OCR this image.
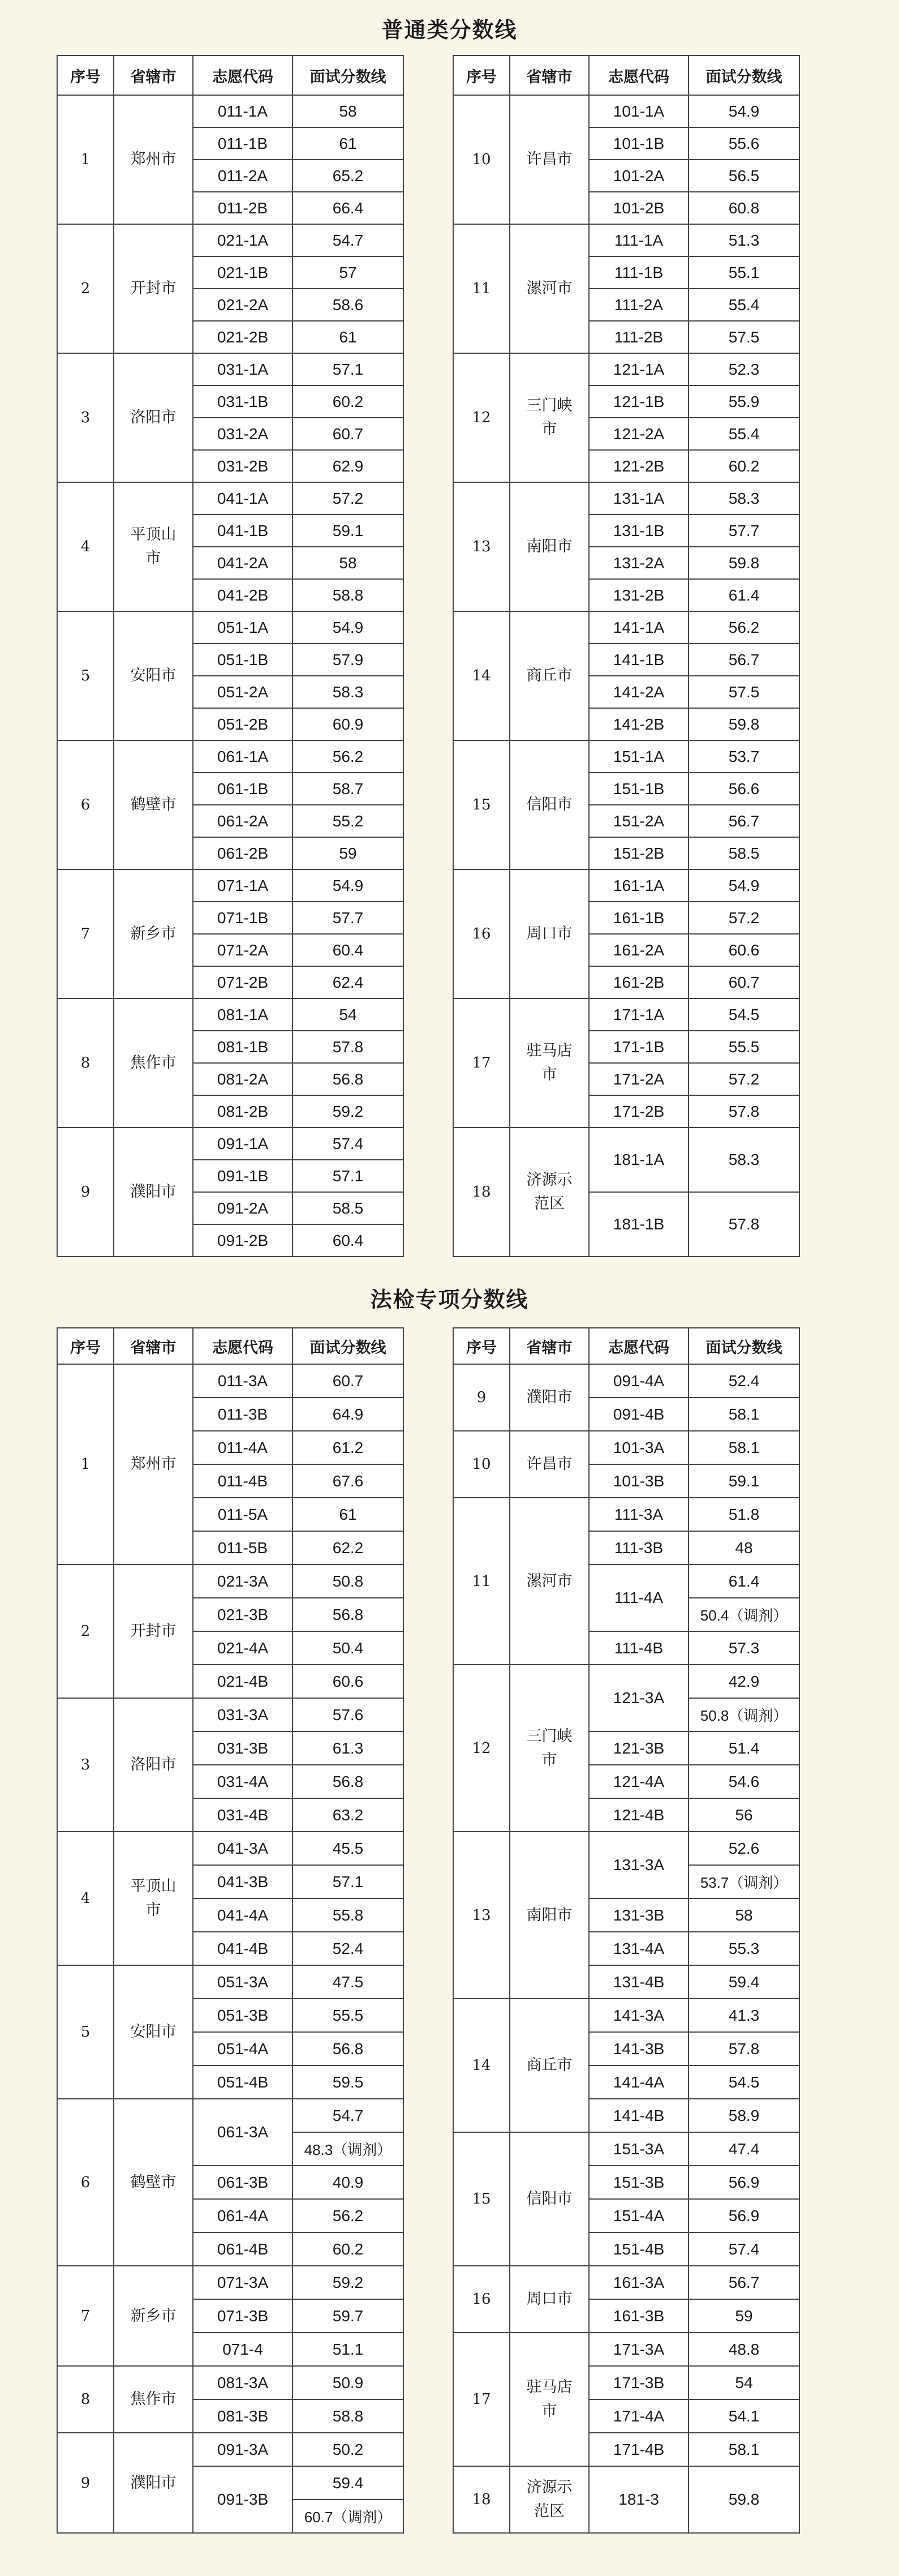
普通类分数线
序号	省辖市	志愿代码	面试分数线
1	郑州市	011-1A	58
		011-1B	61
		011-2A	65.2
		011-2B	66.4
2	开封市	021-1A	54.7
		021-1B	57
		021-2A	58.6
		021-2B	61
3	洛阳市	031-1A	57.1
		031-1B	60.2
		031-2A	60.7
		031-2B	62.9
4	平顶山市	041-1A	57.2
		041-1B	59.1
		041-2A	58
		041-2B	58.8
5	安阳市	051-1A	54.9
		051-1B	57.9
		051-2A	58.3
		051-2B	60.9
6	鹤壁市	061-1A	56.2
		061-1B	58.7
		061-2A	55.2
		061-2B	59
7	新乡市	071-1A	54.9
		071-1B	57.7
		071-2A	60.4
		071-2B	62.4
8	焦作市	081-1A	54
		081-1B	57.8
		081-2A	56.8
		081-2B	59.2
9	濮阳市	091-1A	57.4
		091-1B	57.1
		091-2A	58.5
		091-2B	60.4
序号	省辖市	志愿代码	面试分数线
10	许昌市	101-1A	54.9
		101-1B	55.6
		101-2A	56.5
		101-2B	60.8
11	漯河市	111-1A	51.3
		111-1B	55.1
		111-2A	55.4
		111-2B	57.5
12	三门峡市	121-1A	52.3
		121-1B	55.9
		121-2A	55.4
		121-2B	60.2
13	南阳市	131-1A	58.3
		131-1B	57.7
		131-2A	59.8
		131-2B	61.4
14	商丘市	141-1A	56.2
		141-1B	56.7
		141-2A	57.5
		141-2B	59.8
15	信阳市	151-1A	53.7
		151-1B	56.6
		151-2A	56.7
		151-2B	58.5
16	周口市	161-1A	54.9
		161-1B	57.2
		161-2A	60.6
		161-2B	60.7
17	驻马店市	171-1A	54.5
		171-1B	55.5
		171-2A	57.2
		171-2B	57.8
18	济源示范区	181-1A	58.3
		181-1B	57.8
法检专项分数线
序号	省辖市	志愿代码	面试分数线
1	郑州市	011-3A	60.7
		011-3B	64.9
		011-4A	61.2
		011-4B	67.6
		011-5A	61
		011-5B	62.2
2	开封市	021-3A	50.8
		021-3B	56.8
		021-4A	50.4
		021-4B	60.6
3	洛阳市	031-3A	57.6
		031-3B	61.3
		031-4A	56.8
		031-4B	63.2
4	平顶山市	041-3A	45.5
		041-3B	57.1
		041-4A	55.8
		041-4B	52.4
5	安阳市	051-3A	47.5
		051-3B	55.5
		051-4A	56.8
		051-4B	59.5
6	鹤壁市	061-3A	54.7
			48.3（调剂）
		061-3B	40.9
		061-4A	56.2
		061-4B	60.2
7	新乡市	071-3A	59.2
		071-3B	59.7
		071-4	51.1
8	焦作市	081-3A	50.9
		081-3B	58.8
9	濮阳市	091-3A	50.2
		091-3B	59.4
			60.7（调剂）
序号	省辖市	志愿代码	面试分数线
9	濮阳市	091-4A	52.4
		091-4B	58.1
10	许昌市	101-3A	58.1
		101-3B	59.1
11	漯河市	111-3A	51.8
		111-3B	48
		111-4A	61.4
			50.4（调剂）
		111-4B	57.3
12	三门峡市	121-3A	42.9
			50.8（调剂）
		121-3B	51.4
		121-4A	54.6
		121-4B	56
13	南阳市	131-3A	52.6
			53.7（调剂）
		131-3B	58
		131-4A	55.3
		131-4B	59.4
14	商丘市	141-3A	41.3
		141-3B	57.8
		141-4A	54.5
		141-4B	58.9
15	信阳市	151-3A	47.4
		151-3B	56.9
		151-4A	56.9
		151-4B	57.4
16	周口市	161-3A	56.7
		161-3B	59
17	驻马店市	171-3A	48.8
		171-3B	54
		171-4A	54.1
		171-4B	58.1
18	济源示范区	181-3	59.8
